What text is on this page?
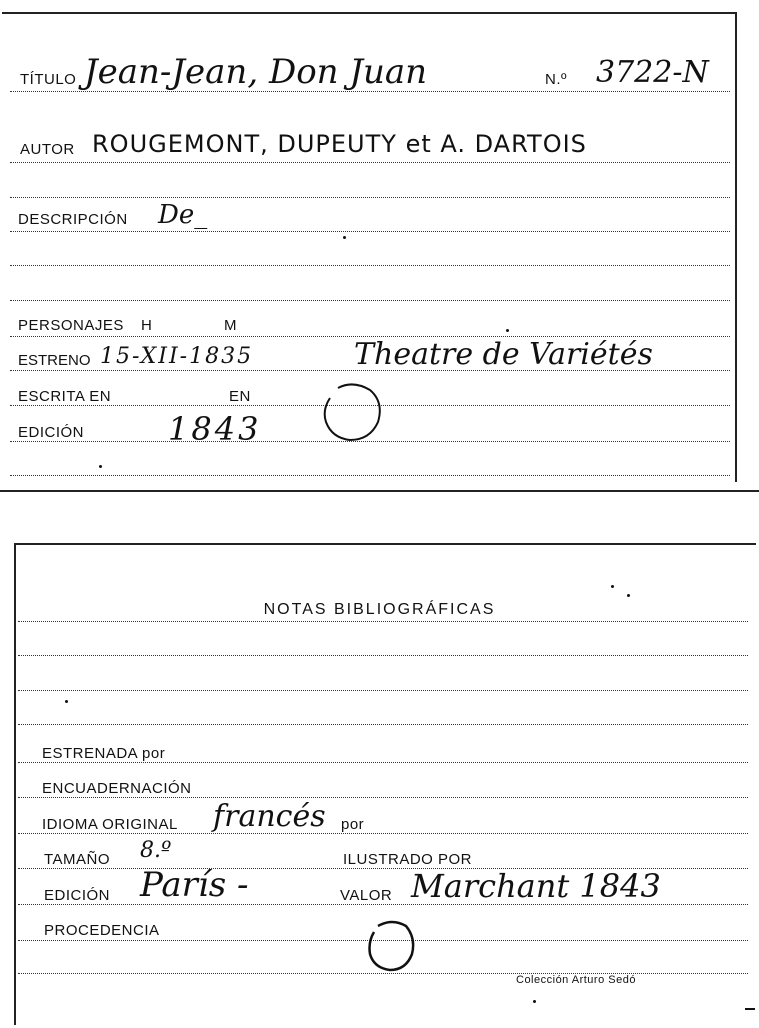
TÍTULO Jean-Jean, Don Juan	N.º 3722-N
AUTOR ROUGEMONT, DUPEUTY et A. DARTOIS
DESCRIPCIÓN De_
PERSONAJES H	M
ESTRENO 15-XII-1835	Theatre de Variétés
ESCRITA EN	EN
EDICIÓN	1843
NOTAS BIBLIOGRÁFICAS
ESTRENADA por
ENCUADERNACIÓN
IDIOMA ORIGINAL francés por
TAMAÑO 8.º	ILUSTRADO POR
EDICIÓN París -	VALOR Marchant 1843
PROCEDENCIA
Colección Arturo Sedó
